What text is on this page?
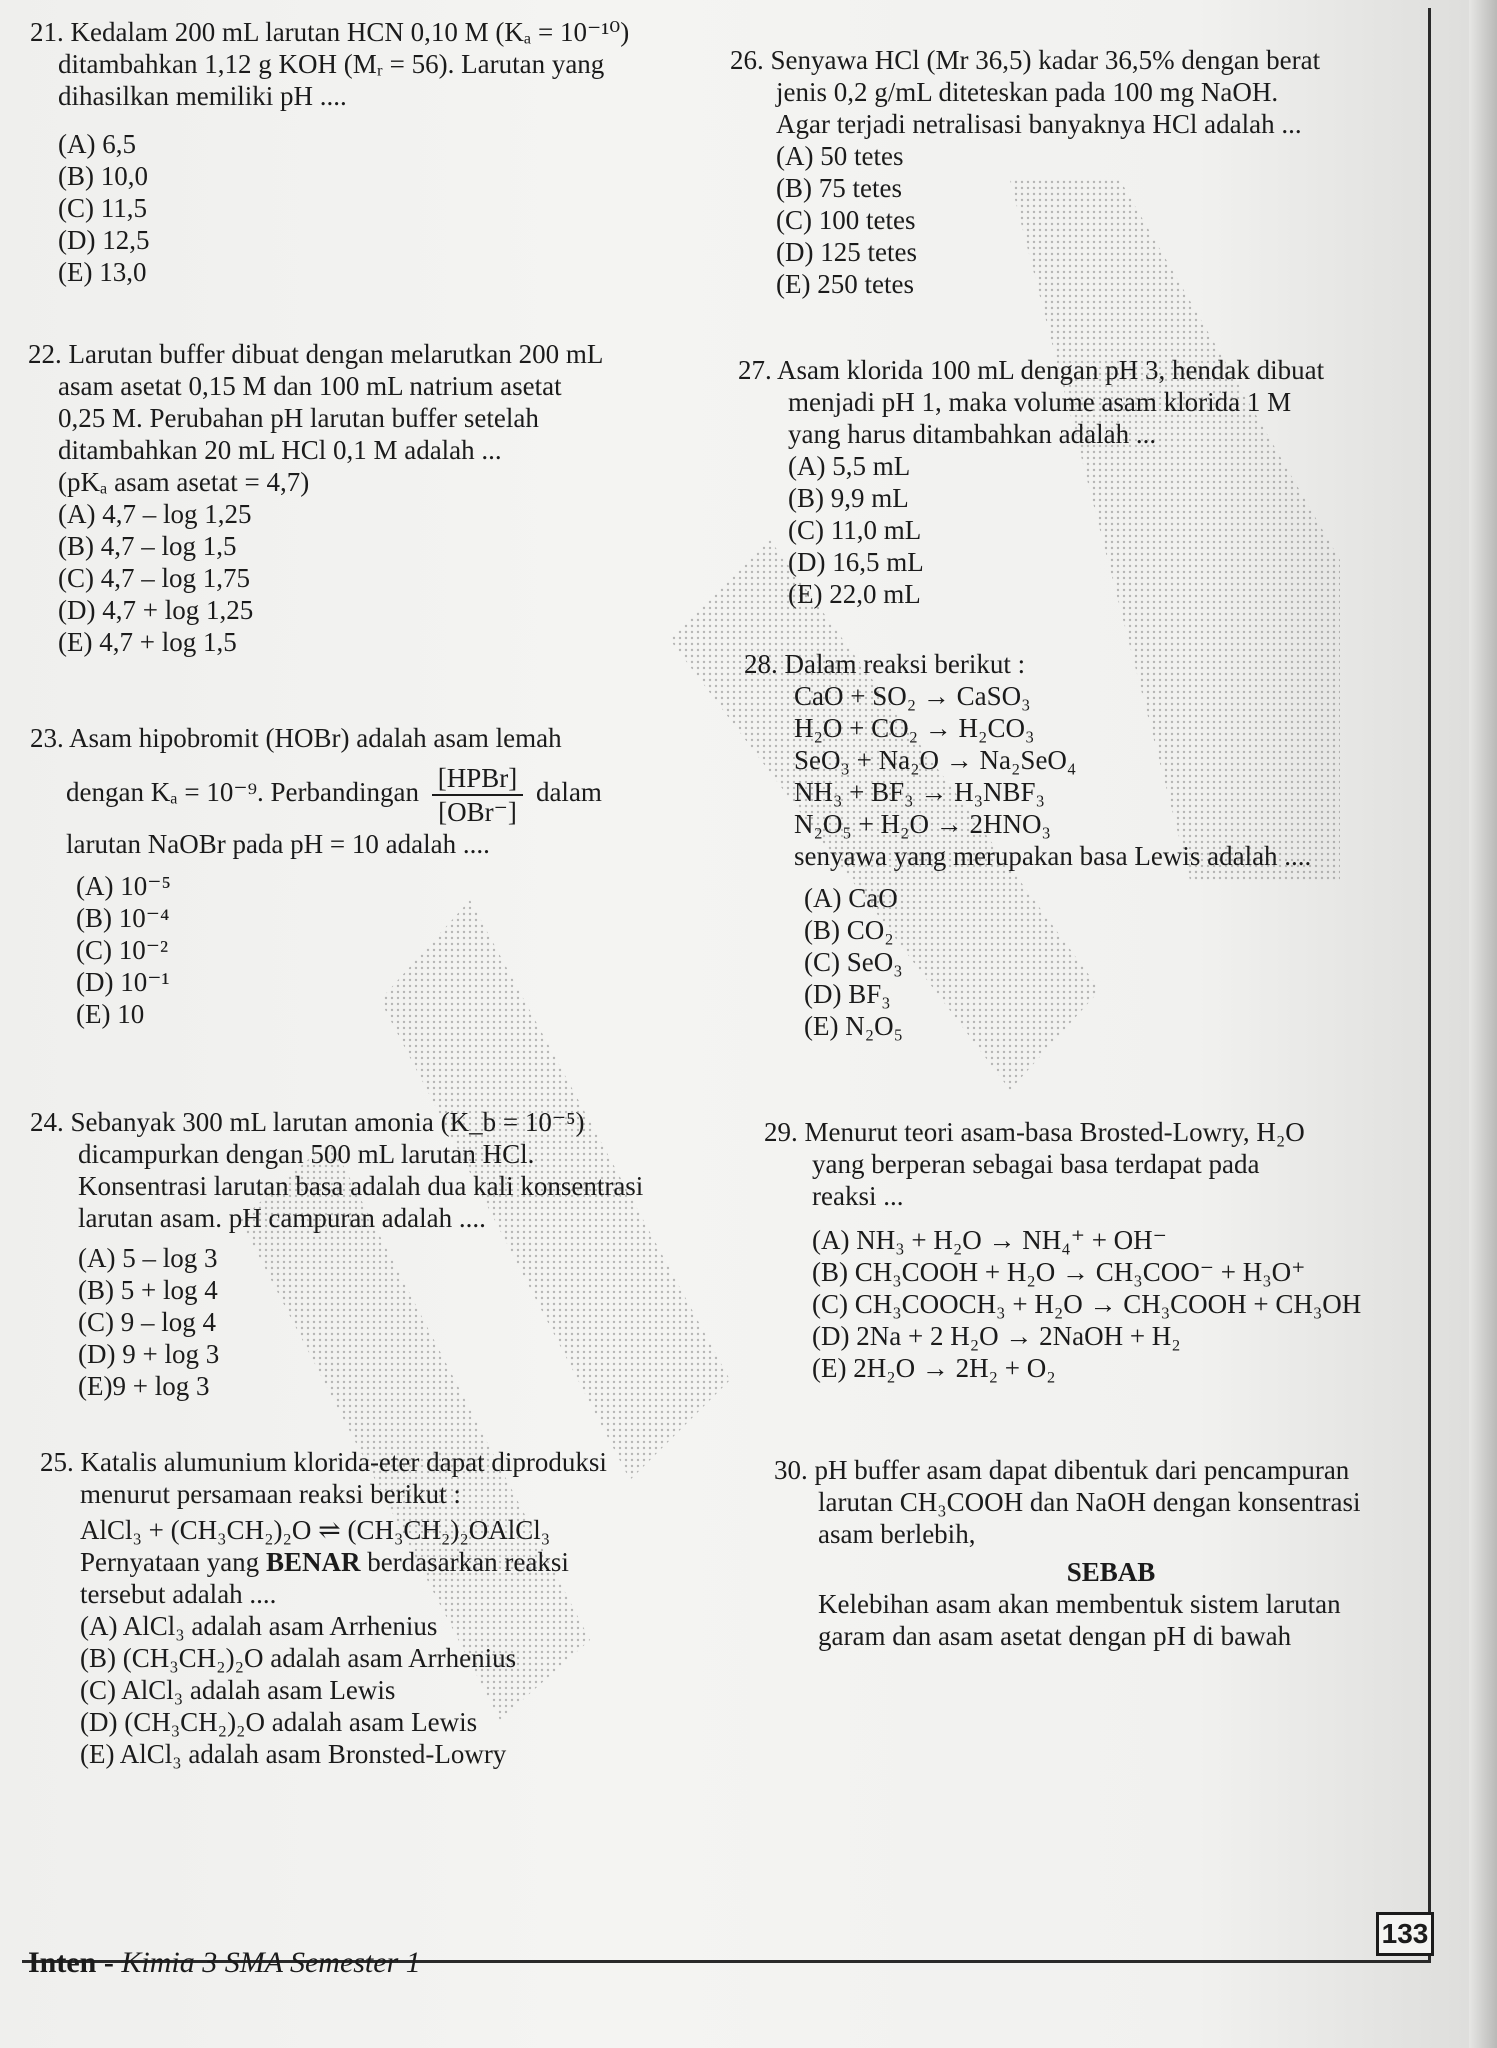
21. Kedalam 200 mL larutan HCN 0,10 M (Kₐ = 10⁻¹⁰)
ditambahkan 1,12 g KOH (Mᵣ = 56). Larutan yang
dihasilkan memiliki pH ....
(A) 6,5
(B) 10,0
(C) 11,5
(D) 12,5
(E) 13,0
22. Larutan buffer dibuat dengan melarutkan 200 mL
asam asetat 0,15 M dan 100 mL natrium asetat
0,25 M. Perubahan pH larutan buffer setelah
ditambahkan 20 mL HCl 0,1 M adalah ...
(pKₐ asam asetat = 4,7)
(A) 4,7 – log 1,25
(B) 4,7 – log 1,5
(C) 4,7 – log 1,75
(D) 4,7 + log 1,25
(E) 4,7 + log 1,5
23. Asam hipobromit (HOBr) adalah asam lemah
dengan Kₐ = 10⁻⁹. Perbandingan $\frac{\text{[HPBr]}}{\text{[OBr⁻]}}$ dalam
larutan NaOBr pada pH = 10 adalah ....
(A) 10⁻⁵
(B) 10⁻⁴
(C) 10⁻²
(D) 10⁻¹
(E) 10
24. Sebanyak 300 mL larutan amonia (K_b = 10⁻⁵)
dicampurkan dengan 500 mL larutan HCl.
Konsentrasi larutan basa adalah dua kali konsentrasi
larutan asam. pH campuran adalah ....
(A) 5 – log 3
(B) 5 + log 4
(C) 9 – log 4
(D) 9 + log 3
(E)9 + log 3
25. Katalis alumunium klorida-eter dapat diproduksi
menurut persamaan reaksi berikut :
AlCl₃ + (CH₃CH₂)₂O ⇌ (CH₃CH₂)₂OAlCl₃
Pernyataan yang BENAR berdasarkan reaksi
tersebut adalah ....
(A) AlCl₃ adalah asam Arrhenius
(B) (CH₃CH₂)₂O adalah asam Arrhenius
(C) AlCl₃ adalah asam Lewis
(D) (CH₃CH₂)₂O adalah asam Lewis
(E) AlCl₃ adalah asam Bronsted-Lowry
26. Senyawa HCl (Mr 36,5) kadar 36,5% dengan berat
jenis 0,2 g/mL diteteskan pada 100 mg NaOH.
Agar terjadi netralisasi banyaknya HCl adalah ...
(A) 50 tetes
(B) 75 tetes
(C) 100 tetes
(D) 125 tetes
(E) 250 tetes
27. Asam klorida 100 mL dengan pH 3, hendak dibuat
menjadi pH 1, maka volume asam klorida 1 M
yang harus ditambahkan adalah ...
(A) 5,5 mL
(B) 9,9 mL
(C) 11,0 mL
(D) 16,5 mL
(E) 22,0 mL
28. Dalam reaksi berikut :
CaO + SO₂ → CaSO₃
H₂O + CO₂ → H₂CO₃
SeO₃ + Na₂O → Na₂SeO₄
NH₃ + BF₃ → H₃NBF₃
N₂O₅ + H₂O → 2HNO₃
senyawa yang merupakan basa Lewis adalah ....
(A) CaO
(B) CO₂
(C) SeO₃
(D) BF₃
(E) N₂O₅
29. Menurut teori asam-basa Brosted-Lowry, H₂O
yang berperan sebagai basa terdapat pada
reaksi ...
(A) NH₃ + H₂O → NH₄⁺ + OH⁻
(B) CH₃COOH + H₂O → CH₃COO⁻ + H₃O⁺
(C) CH₃COOCH₃ + H₂O → CH₃COOH + CH₃OH
(D) 2Na + 2 H₂O → 2NaOH + H₂
(E) 2H₂O → 2H₂ + O₂
30. pH buffer asam dapat dibentuk dari pencampuran
larutan CH₃COOH dan NaOH dengan konsentrasi
asam berlebih,
SEBAB
Kelebihan asam akan membentuk sistem larutan
garam dan asam asetat dengan pH di bawah
Inten - Kimia 3 SMA Semester 1
133
